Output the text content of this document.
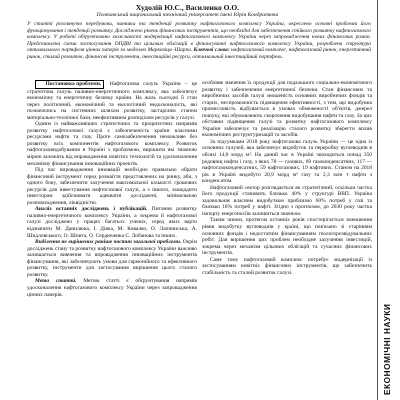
Худолій Ю.С., Василенко О.О.
Полтавський національний технічний університет імені Юрія Кондратюка
У статті розглянуто передумови, чинники та тенденції розвитку нафтогазового комплексу України, окреслено основні проблеми його функціонування і тенденції розвитку. Досліджено рівень фінансових інструментів, що необхідні для забезпечення стійкого розвитку нафтогазового комплексу. У роботі обґрунтовано можливості модернізації нафтогазового комплексу України через запровадження нових фінансових рамок. Представлена схема застосування ОПДВІ та цільових облігацій в фінансуванні нафтогазового комплексу України, розроблена структура оптимального портфеля цінних паперів за моделлю Марковіца–Шарпа. Ключові слова: нафтогазовий комплекс, нафтогазовий ринок, енергетичний ринок, сталий розвиток, фінансові інструменти, інвестиційні ресурси, оптимальний інвестиційний портфель.

Постановка проблеми. Нафтогазова галузь України – це стратегічна галузь паливно-енергетичного комплексу, яка забезпечує економічну та енергетичну безпеку країни. На жаль сьогодні її стан через політичний, економічний та екологічний недосконалість, які позначились на системних шляхом розвитку, застарілим станом матеріально-технічної бази, неефективним розподілом ресурсів у галузі.

Одним із найважливіших стратегічних та пріоритетних напрямів розвитку нафтогазової галузі є забезпеченість країни власними ресурсами нафти та газу. Проте самозабезпечення неможливе без розвитку всіх компонентів нафтогазового комплексу. Розвиток нафтогазовидобування в Україні з проблемою, вирішити які значною мірою залежить від впровадження новітніх технологій та удосконалення механізму фінансування інноваційних проектів.

Під час впровадження інновацій необхідно правильно обрати фінансовий інструмент серед розмаїття представлених на ринку, аби, з одного боку, забезпечити залучення максимальної кількості грошових ресурсів для інвестування нафтогазової галузі, а з іншого, заощадити інвесторам здійснювати адекватні досліджені, мінімальною розповсюдження, ліквідністю.

Аналіз останніх досліджень і публікацій. Питання розвитку паливно-енергетичного комплексу України, а зокрема й нафтогазової галузі досліджено у працях багатьох учених, серед яких варто відзначити М. Данилюка, І. Діяка, М. Ковалко, О. Лапчинська, А. Шидловського, О. Шпига, О. Сердюченка С. Лобанова та інших.

Виділення не вирішених раніше частин загальної проблеми. Окрім досліджень стану та розвитку нафтогазового комплексу України важливо залишається вивчення та впровадження інноваційних інструментів фінансування, які забезпечують умови для гармонійного та ефективного розвитку, інструменти для застосування вирішення цього сталого розвитку.

Мета статті. Метою статті є обґрунтування напрямів удосконалення нафтогазового комплексу України через запровадження цінних паперів.

особливе значення їх продукції для подальшого соціально-економічного розвитку і забезпечення енергетичної безпеки. Стан фінансових та виробничих засобів галузі зношеність основних виробничих фондів та старих, неспроможність підвищення ефективності, з тим, що видобувна промисловість відбувається в умовах обмеженості об'єктів, джерел пошуку, які обумовлюють скорочення видобування нафти та газу. За цих обставин підвищення галузі та розвитку нафтогазового комплексу України забезпечує та реалізацію сталого розвитку зберегти вплив економічних реструктуризацій та засобів.

За підсумками 2018 року нафтогазова галузь України — це одна із основних галузей, яка забезпечує видобуток та переробку вуглеводнів в обсязі 14,0 млрд м³. На даний час в Україні знаходиться понад 350 родовищ нафти і газу, з яких 78 — газових, 69 газоконденсатних, 117 — нафтогазоконденсатних, 59 нафтогазових, 19 нафтових. Станом на 2018 рік в Україні видобуто 20,9 млрд м³ газу та 2,3 млн т нафти з конденсатом.

Нафтогазовий сектор розглядається як стратегічний, оскільки частка його продукції становить близько 40% у структурі ВВП. Україна задовольняє власним видобутком приблизно 60% потреб у газі та близько 18% потреб у нафті. Згідно з прогнозом, до 2030 року частка імпорту енергоносіїв залишиться значною.

Таким чином, протягом останніх років спостерігається зменшення рівня видобутку вуглеводнів у країні, що пов'язано зі старінням основних фондів і недостатнім фінансуванням геологорозвідувальних робіт. Для вирішення цих проблем необхідне залучення інвестицій, зокрема через механізм цільових облігацій та сучасних фінансових інструментів.

Саме тому нафтогазовий комплекс потребує модернізації із застосуванням новітніх фінансових інструментів, що забезпечить стабільність та сталий розвиток галузі.

ЕКОНОМІЧНІ НАУКИ
